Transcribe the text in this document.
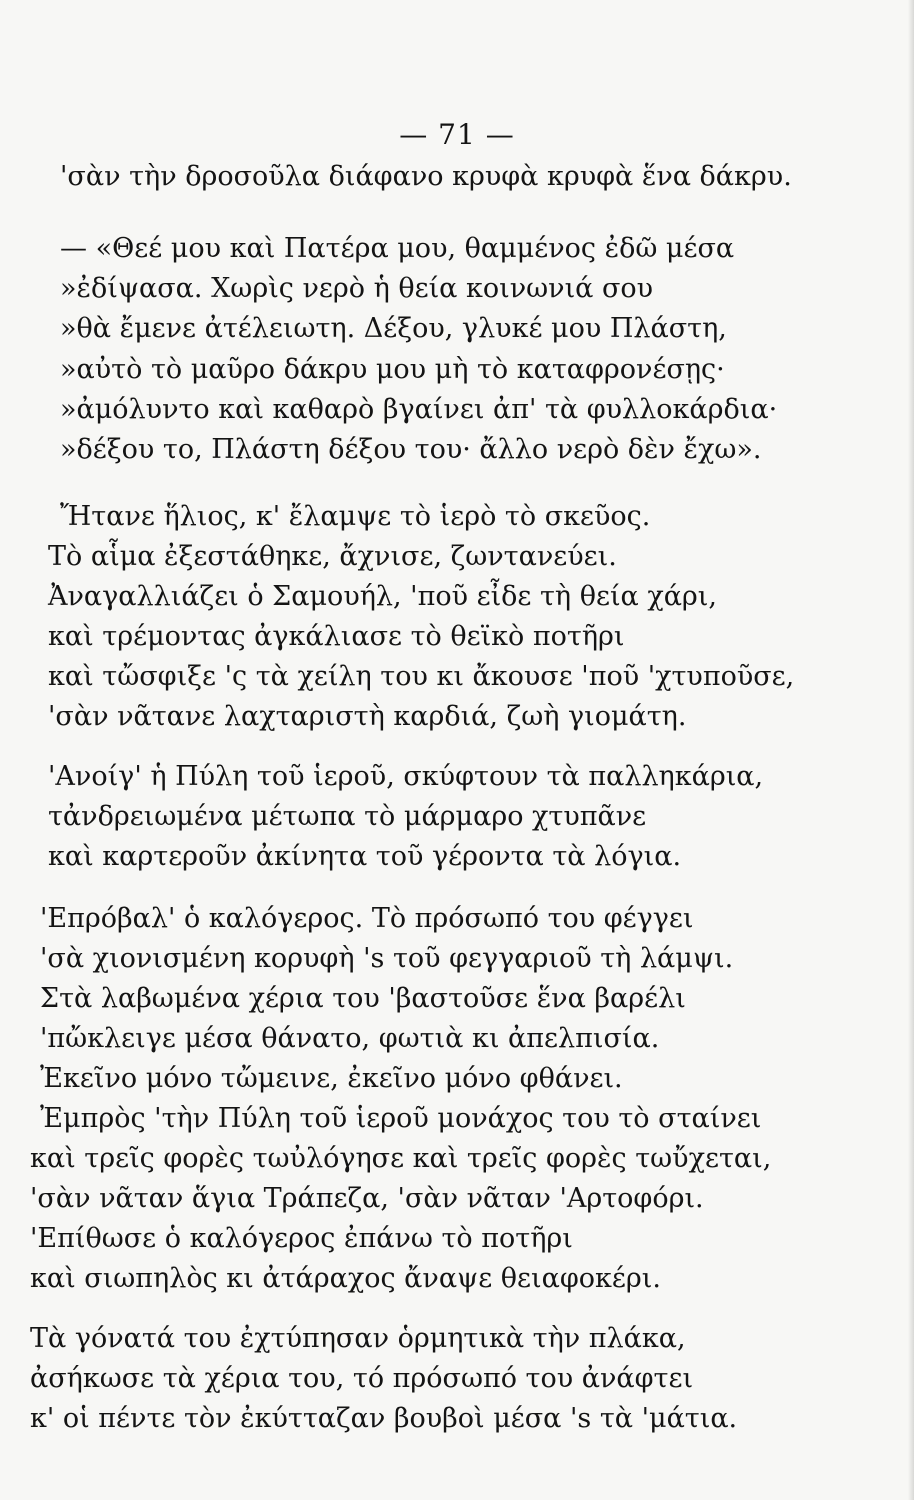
— 71 —
'σὰν τὴν δροσοῦλα διάφανο κρυφὰ κρυφὰ ἕνα δάκρυ.
— «Θεέ μου καὶ Πατέρα μου, θαμμένος ἐδῶ μέσα
»ἐδίψασα. Χωρὶς νερὸ ἡ θεία κοινωνιά σου
»θὰ ἔμενε ἀτέλειωτη. Δέξου, γλυκέ μου Πλάστη,
»αὐτὸ τὸ μαῦρο δάκρυ μου μὴ τὸ καταφρονέσῃς·
»ἀμόλυντο καὶ καθαρὸ βγαίνει ἀπ' τὰ φυλλοκάρδια·
»δέξου το, Πλάστη δέξου του· ἄλλο νερὸ δὲν ἔχω».
Ἤτανε ἥλιος, κ' ἔλαμψε τὸ ἱερὸ τὸ σκεῦος.
Τὸ αἷμα ἐξεστάθηκε, ἄχνισε, ζωντανεύει.
Ἀναγαλλιάζει ὁ Σαμουήλ, 'ποῦ εἶδε τὴ θεία χάρι,
καὶ τρέμοντας ἀγκάλιασε τὸ θεϊκὸ ποτῆρι
καὶ τὤσφιξε 'ς τὰ χείλη του κι ἄκουσε 'ποῦ 'χτυποῦσε,
'σὰν νᾶτανε λαχταριστὴ καρδιά, ζωὴ γιομάτη.
'Ανοίγ' ἡ Πύλη τοῦ ἱεροῦ, σκύφτουν τὰ παλληκάρια,
τἀνδρειωμένα μέτωπα τὸ μάρμαρο χτυπᾶνε
καὶ καρτεροῦν ἀκίνητα τοῦ γέροντα τὰ λόγια.
'Επρόβαλ' ὁ καλόγερος. Τὸ πρόσωπό του φέγγει
'σὰ χιονισμένη κορυφὴ 's τοῦ φεγγαριοῦ τὴ λάμψι.
Στὰ λαβωμένα χέρια του 'βαστοῦσε ἕνα βαρέλι
'πὤκλειγε μέσα θάνατο, φωτιὰ κι ἀπελπισία.
Ἐκεῖνο μόνο τὤμεινε, ἐκεῖνο μόνο φθάνει.
Ἐμπρὸς 'τὴν Πύλη τοῦ ἱεροῦ μονάχος του τὸ σταίνει
καὶ τρεῖς φορὲς τωὐλόγησε καὶ τρεῖς φορὲς τωὔχεται,
'σὰν νᾶταν ἅγια Τράπεζα, 'σὰν νᾶταν 'Αρτοφόρι.
'Επίθωσε ὁ καλόγερος ἐπάνω τὸ ποτῆρι
καὶ σιωπηλὸς κι ἀτάραχος ἄναψε θειαφοκέρι.
Τὰ γόνατά του ἐχτύπησαν ὁρμητικὰ τὴν πλάκα,
ἀσήκωσε τὰ χέρια του, τό πρόσωπό του ἀνάφτει
κ' οἱ πέντε τὸν ἐκύτταζαν βουβοὶ μέσα 's τὰ 'μάτια.
